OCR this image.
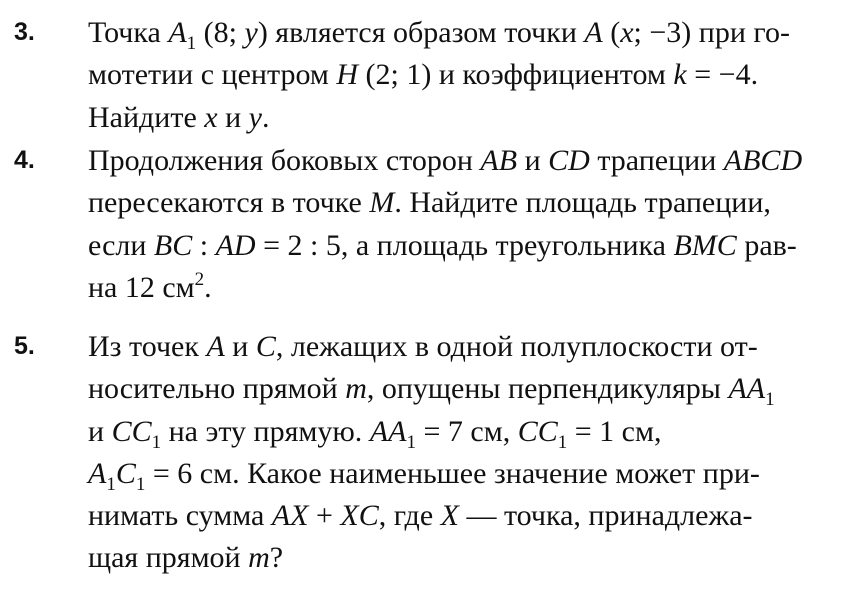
3. Точка $A_1$ (8; y) является образом точки A (x; −3) при го-
мотетии с центром H (2; 1) и коэффициентом k = −4.
Найдите x и y.
4. Продолжения боковых сторон AB и CD трапеции ABCD
пересекаются в точке M. Найдите площадь трапеции,
если BC : AD = 2 : 5, а площадь треугольника BMC рав-
на 12 $см^2$.
5. Из точек A и C, лежащих в одной полуплоскости от-
носительно прямой m, опущены перпендикуляры $AA_1$
и $CC_1$ на эту прямую. $AA_1 = 7$ см, $CC_1 = 1$ см,
$A_1C_1 = 6$ см. Какое наименьшее значение может при-
нимать сумма AX + XC, где X — точка, принадлежа-
щая прямой m?
